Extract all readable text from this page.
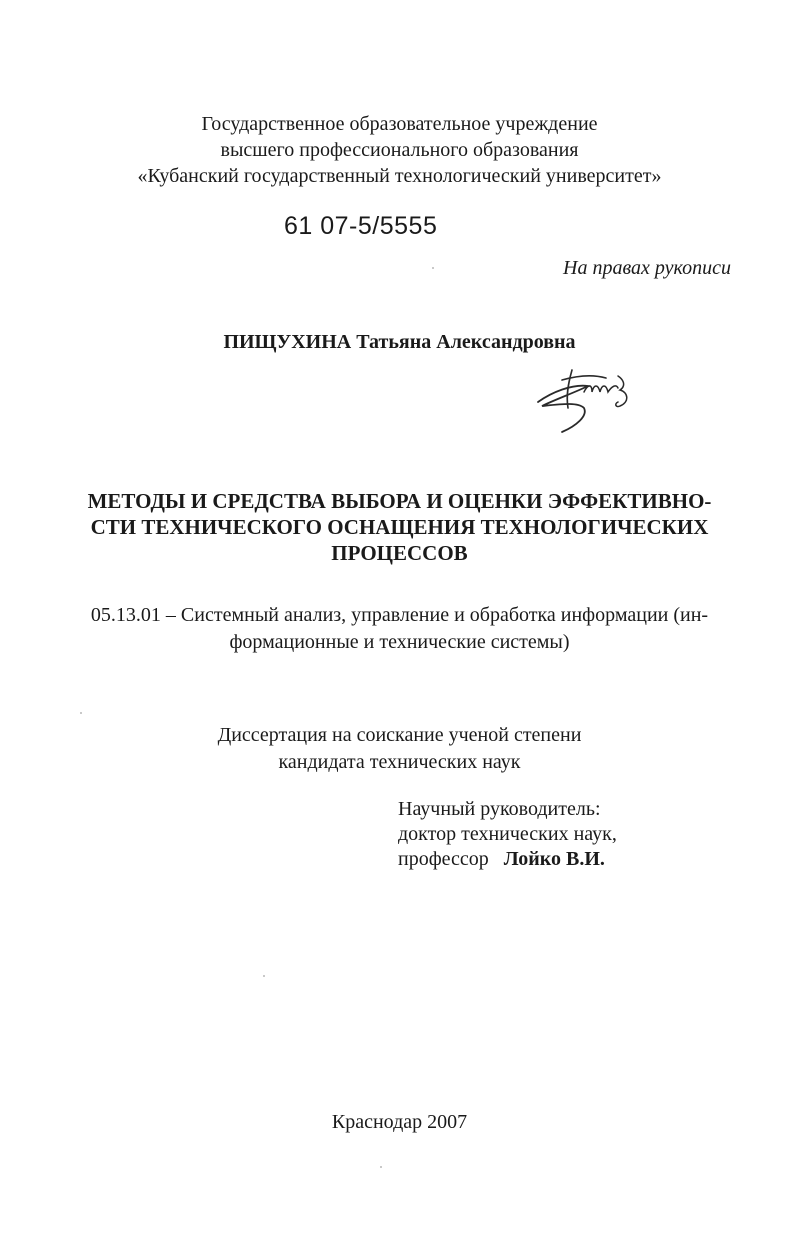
Государственное образовательное учреждение
высшего профессионального образования
«Кубанский государственный технологический университет»
61 07-5/5555
На правах рукописи
ПИЩУХИНА Татьяна Александровна
МЕТОДЫ И СРЕДСТВА ВЫБОРА И ОЦЕНКИ ЭФФЕКТИВНО-
СТИ ТЕХНИЧЕСКОГО ОСНАЩЕНИЯ ТЕХНОЛОГИЧЕСКИХ
ПРОЦЕССОВ
05.13.01 – Системный анализ, управление и обработка информации (ин-
формационные и технические системы)
Диссертация на соискание ученой степени
кандидата технических наук
Научный руководитель:
доктор технических наук,
профессор Лойко В.И.
Краснодар 2007
